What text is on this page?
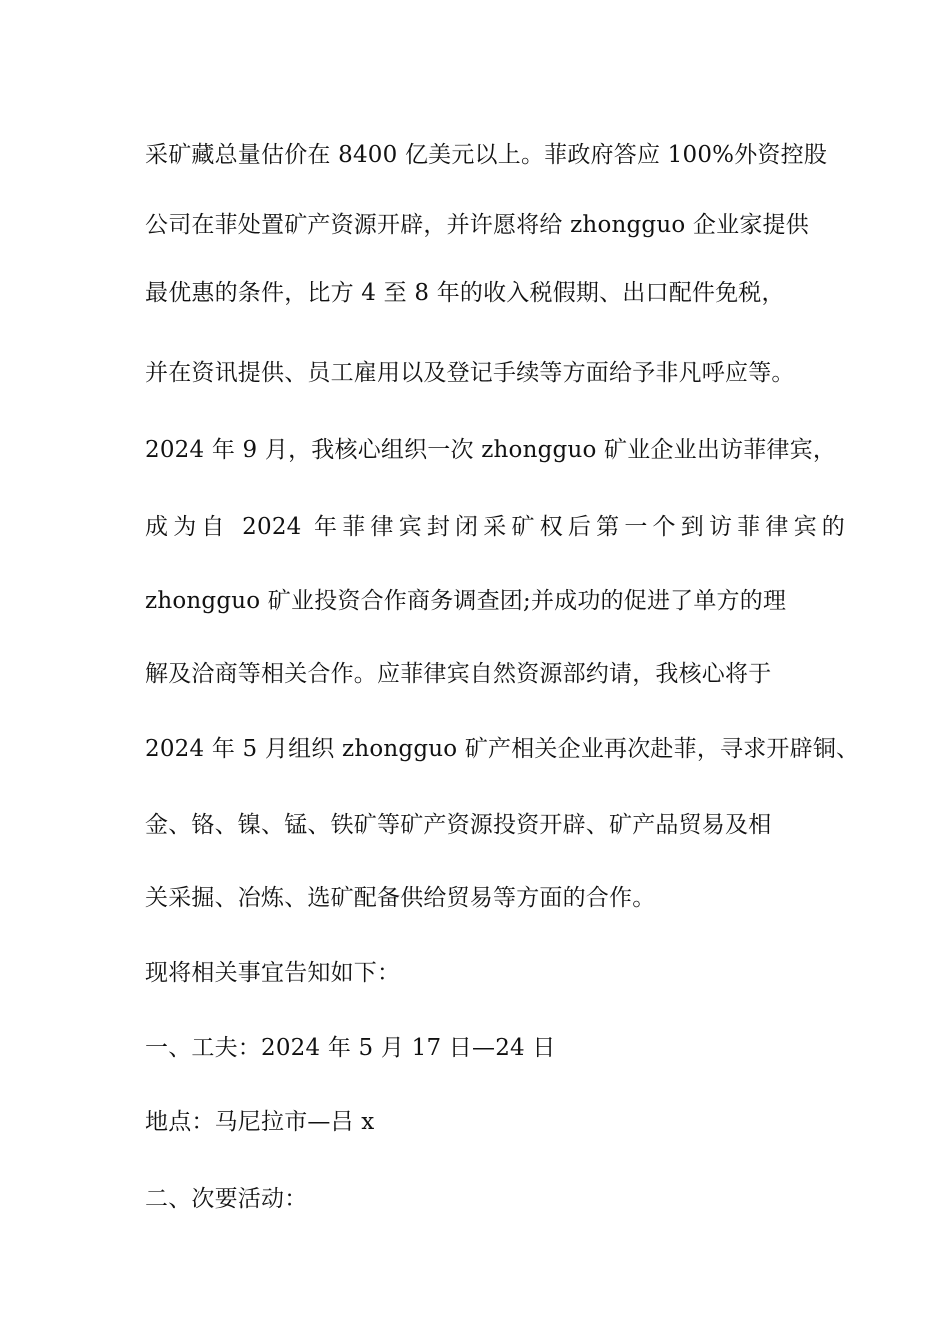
采矿藏总量估价在 8400 亿美元以上。菲政府答应 100%外资控股
公司在菲处置矿产资源开辟，并许愿将给 zhongguo 企业家提供
最优惠的条件，比方 4 至 8 年的收入税假期、出口配件免税，
并在资讯提供、员工雇用以及登记手续等方面给予非凡呼应等。
2024 年 9 月，我核心组织一次 zhongguo 矿业企业出访菲律宾，
成为自 2024 年菲律宾封闭采矿权后第一个到访菲律宾的
zhongguo 矿业投资合作商务调查团;并成功的促进了单方的理
解及洽商等相关合作。应菲律宾自然资源部约请，我核心将于
2024 年 5 月组织 zhongguo 矿产相关企业再次赴菲，寻求开辟铜、
金、铬、镍、锰、铁矿等矿产资源投资开辟、矿产品贸易及相
关采掘、冶炼、选矿配备供给贸易等方面的合作。
现将相关事宜告知如下：
一、工夫：2024 年 5 月 17 日—24 日
地点：马尼拉市—吕 x
二、次要活动：
